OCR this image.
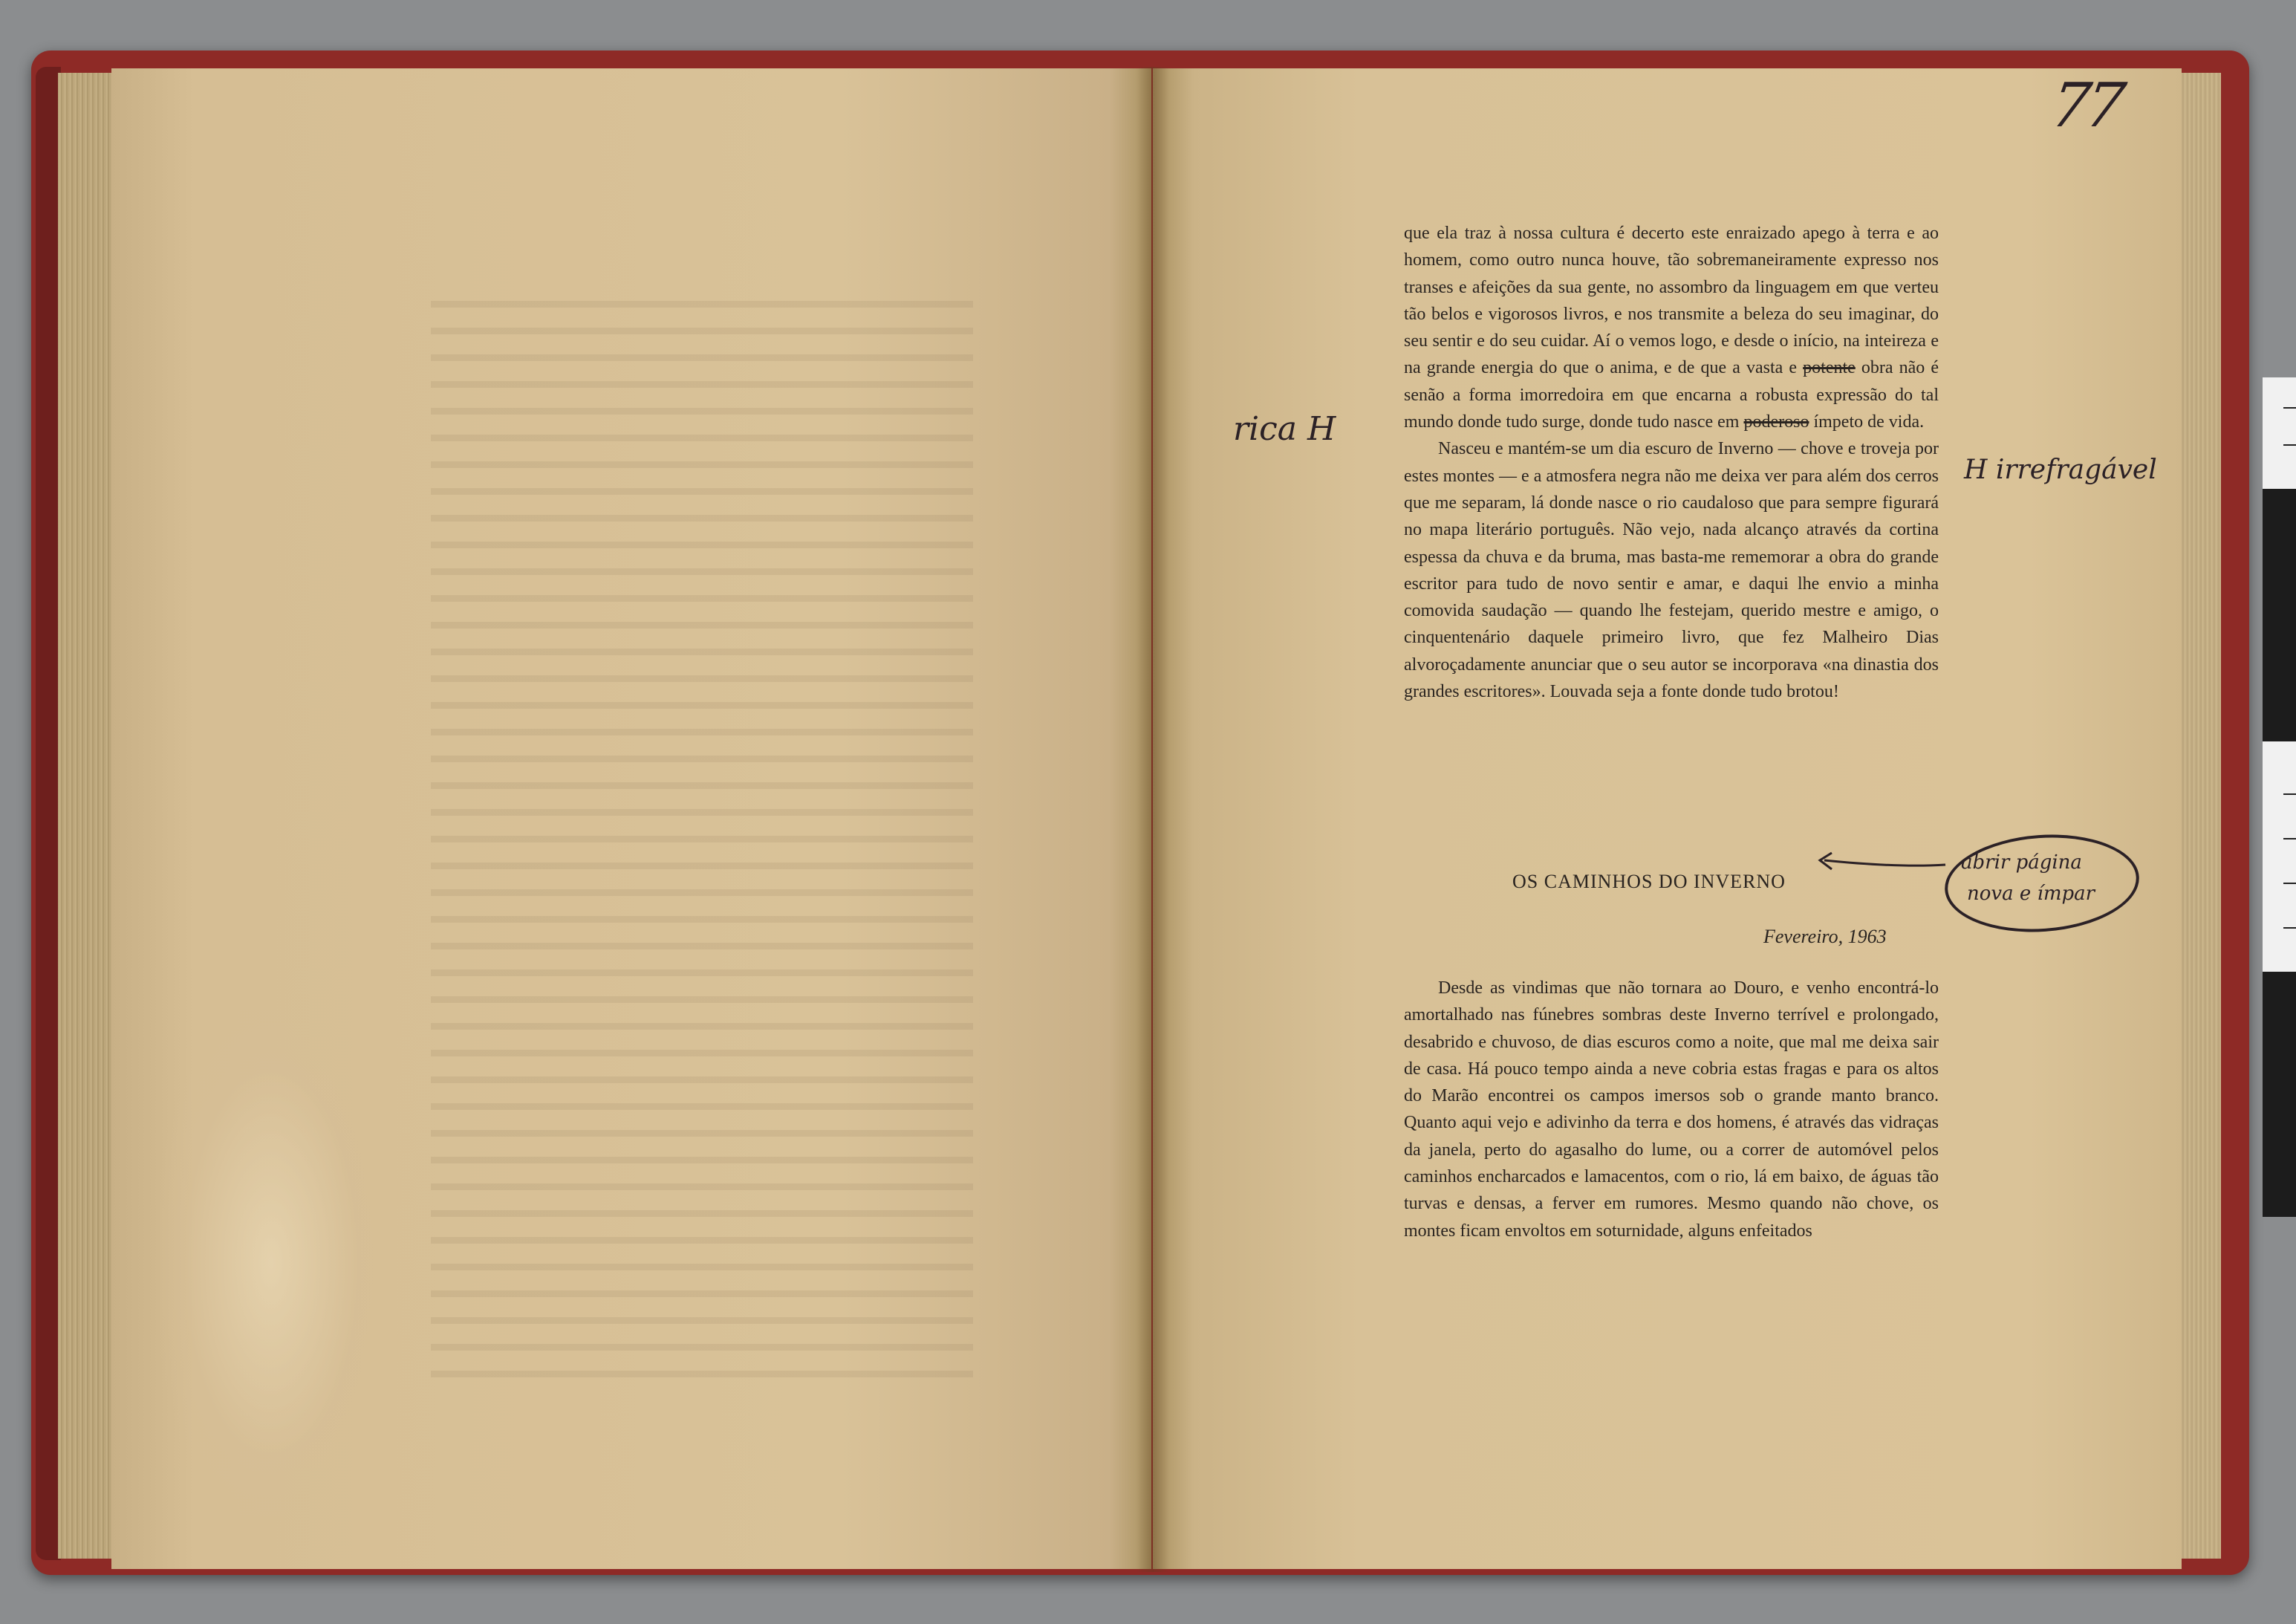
77

que ela traz à nossa cultura é decerto este enraizado apego à terra e ao homem, como outro nunca houve, tão sobremaneiramente expresso nos transes e afeições da sua gente, no assombro da linguagem em que verteu tão belos e vigorosos livros, e nos transmite a beleza do seu imaginar, do seu sentir e do seu cuidar. Aí o vemos logo, e desde o início, na inteireza e na grande energia do que o anima, e de que a vasta e potente obra não é senão a forma imorredoira em que encarna a robusta expressão do tal mundo donde tudo surge, donde tudo nasce em poderoso ímpeto de vida.

Nasceu e mantém-se um dia escuro de Inverno — chove e troveja por estes montes — e a atmosfera negra não me deixa ver para além dos cerros que me separam, lá donde nasce o rio caudaloso que para sempre figurará no mapa literário português. Não vejo, nada alcanço através da cortina espessa da chuva e da bruma, mas basta-me rememorar a obra do grande escritor para tudo de novo sentir e amar, e daqui lhe envio a minha comovida saudação — quando lhe festejam, querido mestre e amigo, o cinquentenário daquele primeiro livro, que fez Malheiro Dias alvoroçadamente anunciar que o seu autor se incorporava «na dinastia dos grandes escritores». Louvada seja a fonte donde tudo brotou!

OS CAMINHOS DO INVERNO
Fevereiro, 1963

Desde as vindimas que não tornara ao Douro, e venho encontrá-lo amortalhado nas fúnebres sombras deste Inverno terrível e prolongado, desabrido e chuvoso, de dias escuros como a noite, que mal me deixa sair de casa. Há pouco tempo ainda a neve cobria estas fragas e para os altos do Marão encontrei os campos imersos sob o grande manto branco. Quanto aqui vejo e adivinho da terra e dos homens, é através das vidraças da janela, perto do agasalho do lume, ou a correr de automóvel pelos caminhos encharcados e lamacentos, com o rio, lá em baixo, de águas tão turvas e densas, a ferver em rumores. Mesmo quando não chove, os montes ficam envoltos em soturnidade, alguns enfeitados

rica H
H irrefragável
abrir página
nova e ímpar
